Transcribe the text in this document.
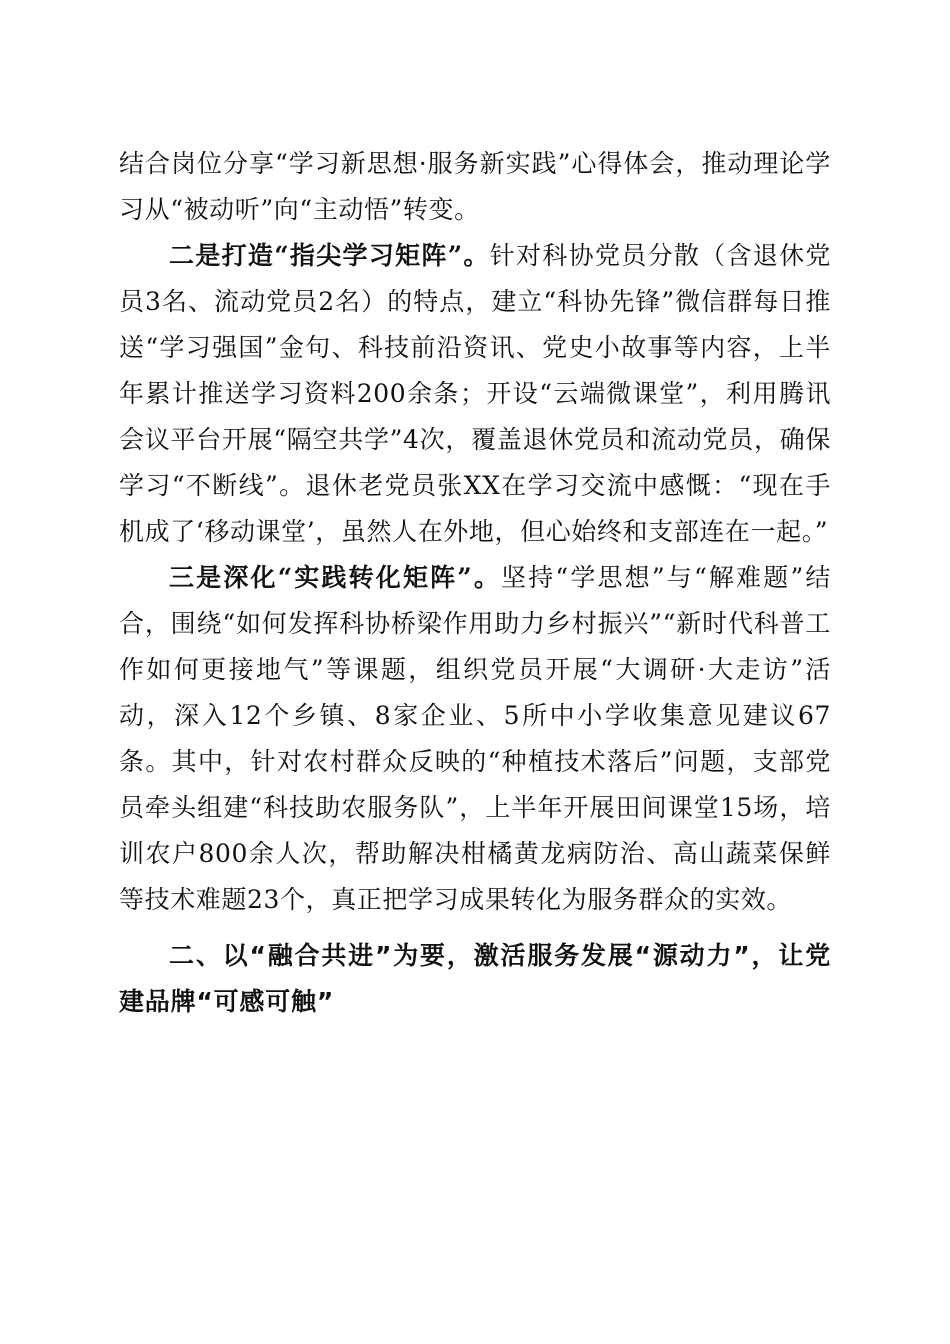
结合岗位分享“学习新思想·服务新实践”心得体会，推动理论学习从“被动听”向“主动悟”转变。

二是打造“指尖学习矩阵”。针对科协党员分散（含退休党员3名、流动党员2名）的特点，建立“科协先锋”微信群每日推送“学习强国”金句、科技前沿资讯、党史小故事等内容，上半年累计推送学习资料200余条；开设“云端微课堂”，利用腾讯会议平台开展“隔空共学”4次，覆盖退休党员和流动党员，确保学习“不断线”。退休老党员张XX在学习交流中感慨：“现在手机成了‘移动课堂’，虽然人在外地，但心始终和支部连在一起。”

三是深化“实践转化矩阵”。坚持“学思想”与“解难题”结合，围绕“如何发挥科协桥梁作用助力乡村振兴”“新时代科普工作如何更接地气”等课题，组织党员开展“大调研·大走访”活动，深入12个乡镇、8家企业、5所中小学收集意见建议67条。其中，针对农村群众反映的“种植技术落后”问题，支部党员牵头组建“科技助农服务队”，上半年开展田间课堂15场，培训农户800余人次，帮助解决柑橘黄龙病防治、高山蔬菜保鲜等技术难题23个，真正把学习成果转化为服务群众的实效。

二、以“融合共进”为要，激活服务发展“源动力”，让党建品牌“可感可触”
